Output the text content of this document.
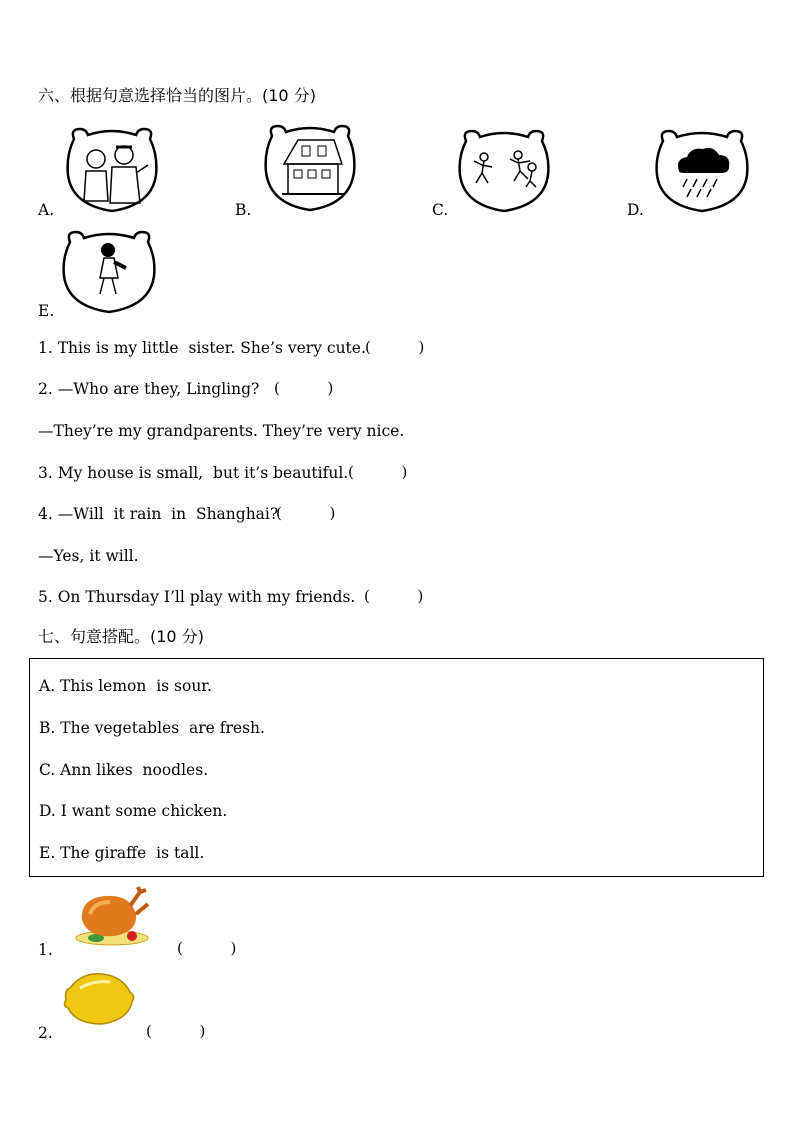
六、根据句意选择恰当的图片。(10 分)
A.	B.	C.	D.
E.
1. This is my little  sister. She’s very cute. (          )
2. —Who are they, Lingling? (          )
—They’re my grandparents. They’re very nice.
3. My house is small,  but it’s beautiful. (          )
4. —Will  it rain  in  Shanghai?
(          )
—Yes, it will.
5. On Thursday I’ll play with my friends. (          )
七、句意搭配。(10 分)
A. This lemon  is sour.
B. The vegetables  are fresh.
C. Ann likes  noodles.
D. I want some chicken.
E. The giraffe  is tall.
1.	(          )
2.	(          )
